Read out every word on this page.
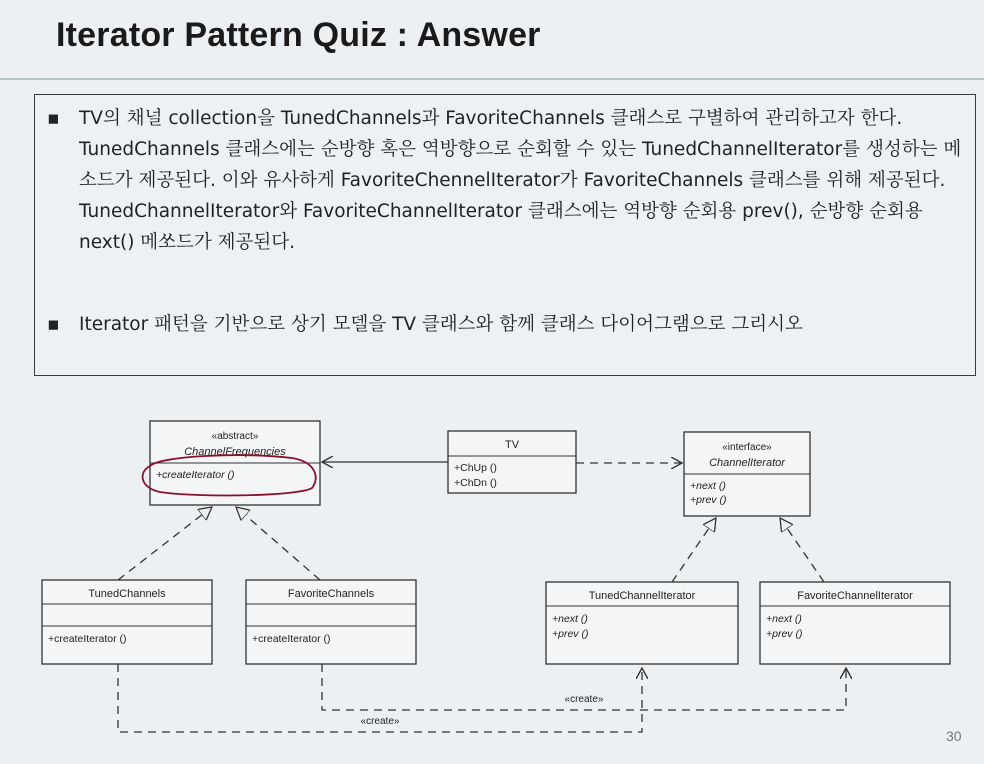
Iterator Pattern Quiz : Answer
▪	TV의 채널 collection을 TunedChannels과 FavoriteChannels 클래스로 구별하여 관리하고자 한다. TunedChannels 클래스에는 순방향 혹은 역방향으로 순회할 수 있는 TunedChannelIterator를 생성하는 메소드가 제공된다. 이와 유사하게 FavoriteChennelIterator가 FavoriteChannels 클래스를 위해 제공된다. TunedChannelIterator와 FavoriteChannelIterator 클래스에는 역방향 순회용 prev(), 순방향 순회용 next() 메쏘드가 제공된다.
▪	Iterator 패턴을 기반으로 상기 모델을 TV 클래스와 함께 클래스 다이어그램으로 그리시오
«abstract»
ChannelFrequencies
+createIterator ()
TV
+ChUp ()
+ChDn ()
«interface»
ChannelIterator
+next ()
+prev ()
TunedChannels
+createIterator ()
FavoriteChannels
+createIterator ()
TunedChannelIterator
+next ()
+prev ()
FavoriteChannelIterator
+next ()
+prev ()
«create»
«create»
30
